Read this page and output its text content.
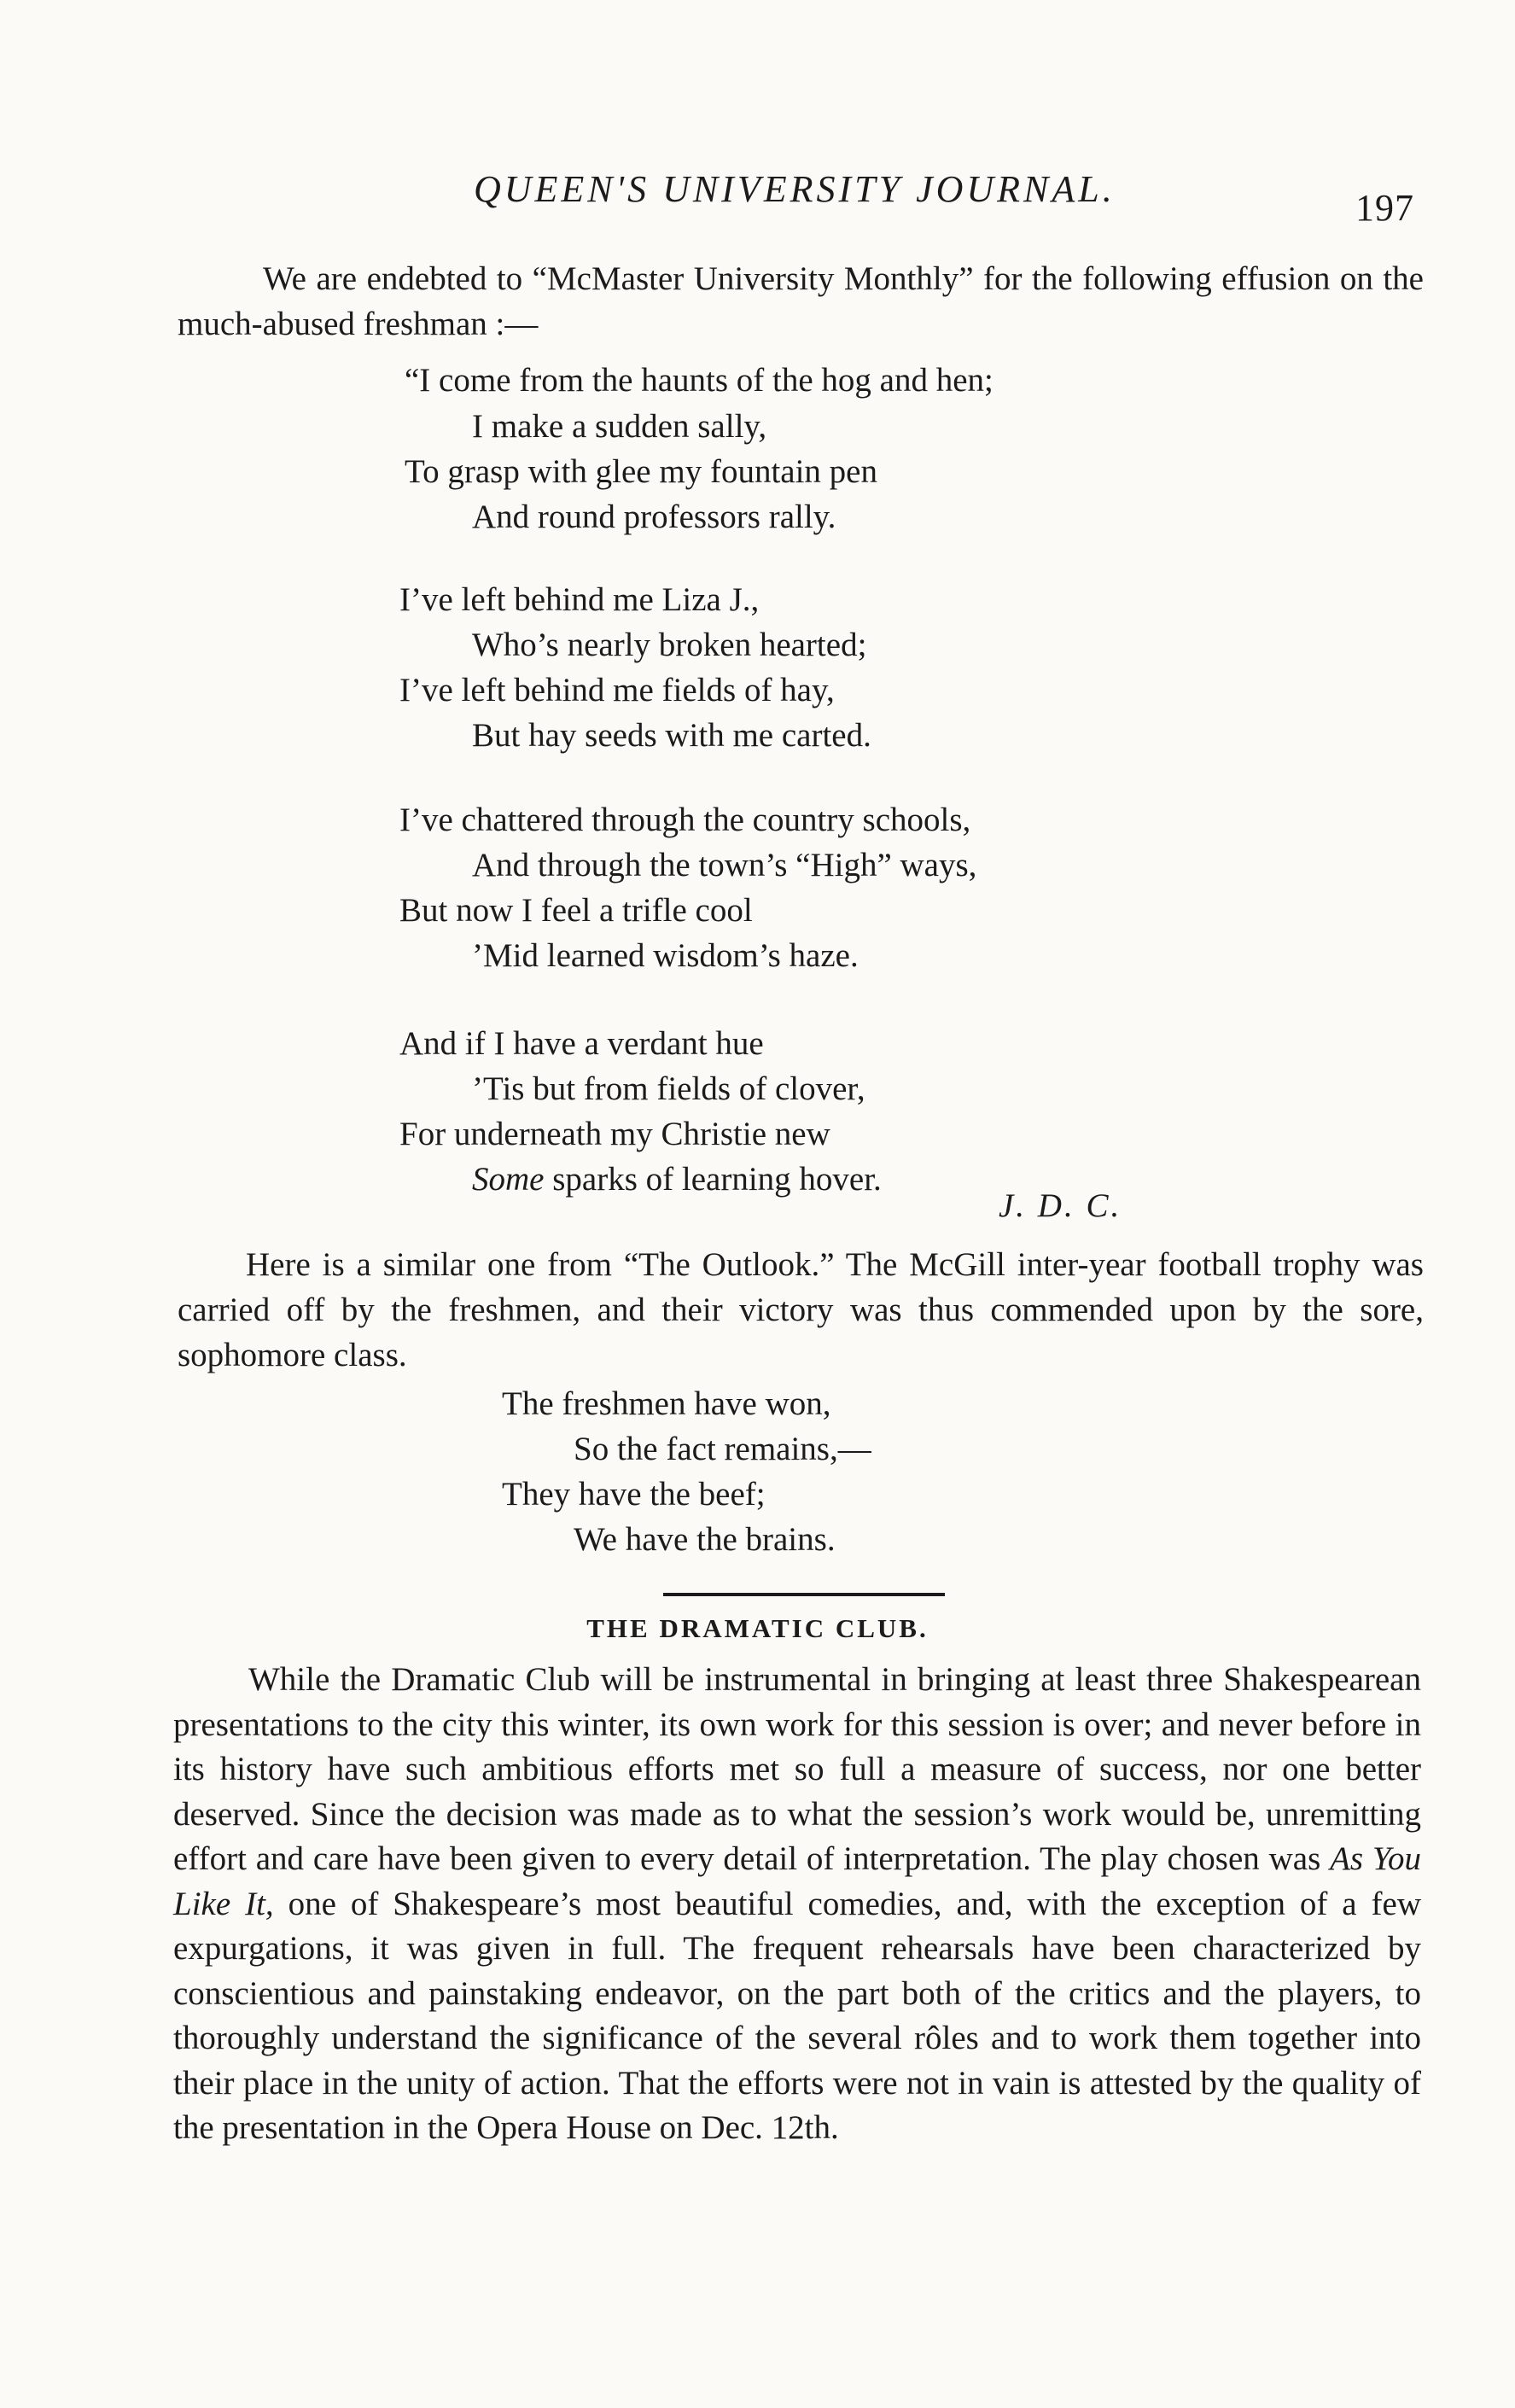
QUEEN'S UNIVERSITY JOURNAL.	197

We are endebted to “McMaster University Monthly” for the following effusion on the much-abused freshman :—

“I come from the haunts of the hog and hen;
I make a sudden sally,
To grasp with glee my fountain pen
And round professors rally.
I’ve left behind me Liza J.,
Who’s nearly broken hearted;
I’ve left behind me fields of hay,
But hay seeds with me carted.
I’ve chattered through the country schools,
And through the town’s “High” ways,
But now I feel a trifle cool
’Mid learned wisdom’s haze.
And if I have a verdant hue
’Tis but from fields of clover,
For underneath my Christie new
Some sparks of learning hover.
J. D. C.

Here is a similar one from “The Outlook.” The McGill inter-year football trophy was carried off by the freshmen, and their victory was thus commended upon by the sore, sophomore class.

The freshmen have won,
So the fact remains,—
They have the beef;
We have the brains.
THE DRAMATIC CLUB.

While the Dramatic Club will be instrumental in bringing at least three Shakespearean presentations to the city this winter, its own work for this session is over; and never before in its history have such ambitious efforts met so full a measure of success, nor one better deserved. Since the decision was made as to what the session’s work would be, unremitting effort and care have been given to every detail of interpretation. The play chosen was As You Like It, one of Shakespeare’s most beautiful comedies, and, with the exception of a few expurgations, it was given in full. The frequent rehearsals have been characterized by conscientious and painstaking endeavor, on the part both of the critics and the players, to thoroughly understand the significance of the several rôles and to work them together into their place in the unity of action. That the efforts were not in vain is attested by the quality of the presentation in the Opera House on Dec. 12th.
